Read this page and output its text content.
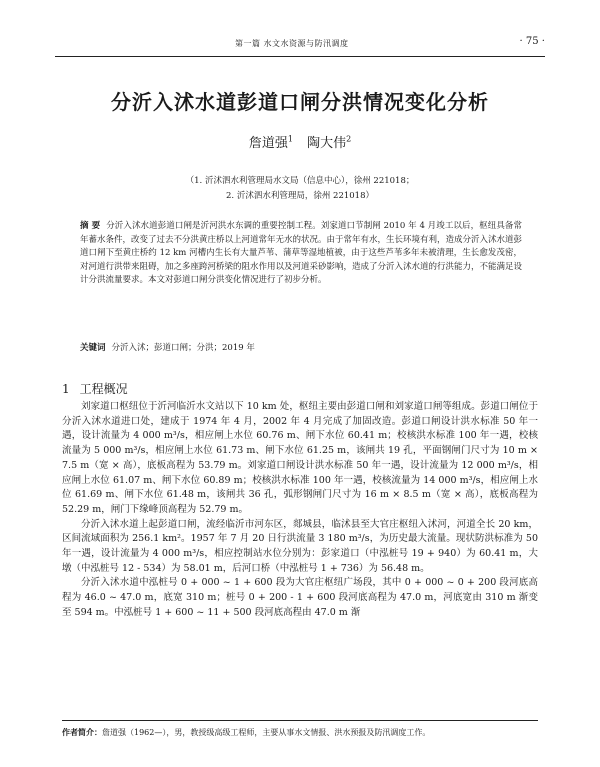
第一篇 水文水资源与防汛调度	· 75 ·
分沂入沭水道彭道口闸分洪情况变化分析
詹道强$^1$ 陶大伟$^2$
（1. 沂沭泗水利管理局水文局（信息中心），徐州 221018；
2. 沂沭泗水利管理局，徐州 221018）
摘 要 分沂入沭水道彭道口闸是沂河洪水东调的重要控制工程。刘家道口节制闸 2010 年 4 月竣工以后，枢纽具备常年蓄水条件，改变了过去不分洪黄庄桥以上河道常年无水的状况。由于常年有水，生长环境有利，造成分沂入沭水道彭道口闸下至黄庄桥约 12 km 河槽内生长有大量芦苇、蒲草等湿地植被，由于这些芦苇多年未被清理，生长愈发茂密，对河道行洪带来阻碍，加之多座跨河桥梁的阻水作用以及河道采砂影响，造成了分沂入沭水道的行洪能力，不能满足设计分洪流量要求。本文对彭道口闸分洪变化情况进行了初步分析。
关键词 分沂入沭；彭道口闸；分洪；2019 年
1 工程概况

刘家道口枢纽位于沂河临沂水文站以下 10 km 处，枢纽主要由彭道口闸和刘家道口闸等组成。彭道口闸位于分沂入沭水道进口处，建成于 1974 年 4 月，2002 年 4 月完成了加固改造。彭道口闸设计洪水标准 50 年一遇，设计流量为 4 000 m³/s，相应闸上水位 60.76 m、闸下水位 60.41 m；校核洪水标准 100 年一遇，校核流量为 5 000 m³/s，相应闸上水位 61.73 m、闸下水位 61.25 m，该闸共 19 孔，平面钢闸门尺寸为 10 m × 7.5 m（宽 × 高），底板高程为 53.79 m。刘家道口闸设计洪水标准 50 年一遇，设计流量为 12 000 m³/s，相应闸上水位 61.07 m、闸下水位 60.89 m；校核洪水标准 100 年一遇，校核流量为 14 000 m³/s，相应闸上水位 61.69 m、闸下水位 61.48 m，该闸共 36 孔，弧形钢闸门尺寸为 16 m × 8.5 m（宽 × 高），底板高程为 52.29 m，闸门下缘峰顶高程为 52.79 m。

分沂入沭水道上起彭道口闸，流经临沂市河东区，郯城县，临沭县至大官庄枢纽入沭河，河道全长 20 km，区间流域面积为 256.1 km²。1957 年 7 月 20 日行洪流量 3 180 m³/s，为历史最大流量。现状防洪标准为 50 年一遇，设计流量为 4 000 m³/s，相应控制站水位分别为：彭家道口（中泓桩号 19 + 940）为 60.41 m，大墩（中泓桩号 12 - 534）为 58.01 m，后河口桥（中泓桩号 1 + 736）为 56.48 m。

分沂入沭水道中泓桩号 0 + 000 ~ 1 + 600 段为大官庄枢纽广场段，其中 0 + 000 ~ 0 + 200 段河底高程为 46.0 ~ 47.0 m，底宽 310 m；桩号 0 + 200 - 1 + 600 段河底高程为 47.0 m，河底宽由 310 m 渐变至 594 m。中泓桩号 1 + 600 ~ 11 + 500 段河底高程由 47.0 m 渐

作者简介：詹道强（1962—），男，教授级高级工程师，主要从事水文情报、洪水预报及防汛调度工作。
